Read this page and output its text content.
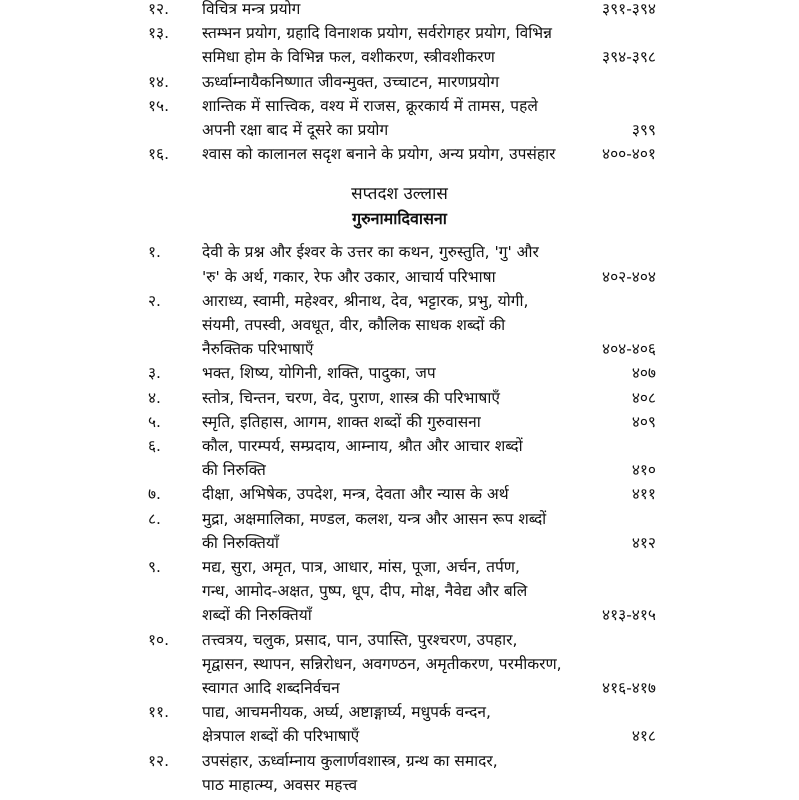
१२.	विचित्र मन्त्र प्रयोग	३९१-३९४
१३.	स्तम्भन प्रयोग, ग्रहादि विनाशक प्रयोग, सर्वरोगहर प्रयोग, विभिन्न
समिधा होम के विभिन्न फल, वशीकरण, स्त्रीवशीकरण	३९४-३९८
१४.	ऊर्ध्वाम्नायैकनिष्णात जीवन्मुक्त, उच्चाटन, मारणप्रयोग
१५.	शान्तिक में सात्त्विक, वश्य में राजस, क्रूरकार्य में तामस, पहले
अपनी रक्षा बाद में दूसरे का प्रयोग	३९९
१६.	श्वास को कालानल सदृश बनाने के प्रयोग, अन्य प्रयोग, उपसंहार	४००-४०१
सप्तदश उल्लास
गुरुनामादिवासना
१.	देवी के प्रश्न और ईश्वर के उत्तर का कथन, गुरुस्तुति, 'गु' और
'रु' के अर्थ, गकार, रेफ और उकार, आचार्य परिभाषा	४०२-४०४
२.	आराध्य, स्वामी, महेश्वर, श्रीनाथ, देव, भट्टारक, प्रभु, योगी,
संयमी, तपस्वी, अवधूत, वीर, कौलिक साधक शब्दों की
नैरुक्तिक परिभाषाएँ	४०४-४०६
३.	भक्त, शिष्य, योगिनी, शक्ति, पादुका, जप	४०७
४.	स्तोत्र, चिन्तन, चरण, वेद, पुराण, शास्त्र की परिभाषाएँ	४०८
५.	स्मृति, इतिहास, आगम, शाक्त शब्दों की गुरुवासना	४०९
६.	कौल, पारम्पर्य, सम्प्रदाय, आम्नाय, श्रौत और आचार शब्दों
की निरुक्ति	४१०
७.	दीक्षा, अभिषेक, उपदेश, मन्त्र, देवता और न्यास के अर्थ	४११
८.	मुद्रा, अक्षमालिका, मण्डल, कलश, यन्त्र और आसन रूप शब्दों
की निरुक्तियाँ	४१२
९.	मद्य, सुरा, अमृत, पात्र, आधार, मांस, पूजा, अर्चन, तर्पण,
गन्ध, आमोद-अक्षत, पुष्प, धूप, दीप, मोक्ष, नैवेद्य और बलि
शब्दों की निरुक्तियाँ	४१३-४१५
१०.	तत्त्वत्रय, चलुक, प्रसाद, पान, उपास्ति, पुरश्चरण, उपहार,
मृद्वासन, स्थापन, सन्निरोधन, अवगण्ठन, अमृतीकरण, परमीकरण,
स्वागत आदि शब्दनिर्वचन	४१६-४१७
११.	पाद्य, आचमनीयक, अर्घ्य, अष्टाङ्गार्घ्य, मधुपर्क वन्दन,
क्षेत्रपाल शब्दों की परिभाषाएँ	४१८
१२.	उपसंहार, ऊर्ध्वाम्नाय कुलार्णवशास्त्र, ग्रन्थ का समादर,
पाठ माहात्म्य, अवसर महत्त्व
